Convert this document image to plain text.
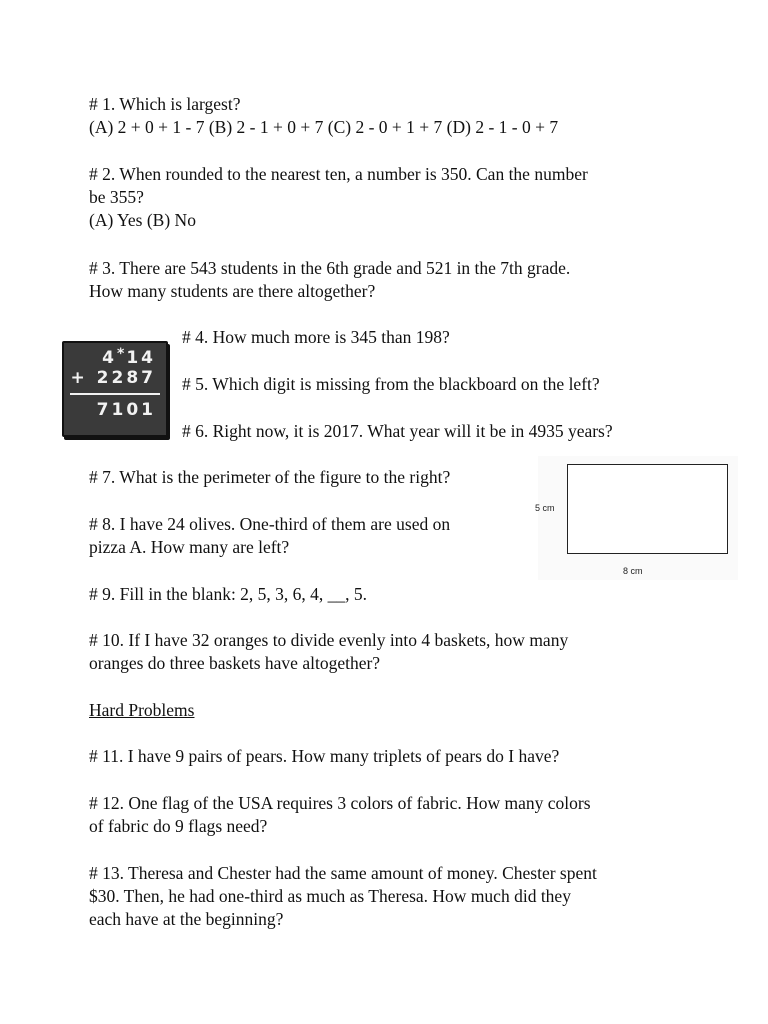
# 1. Which is largest?
(A) 2 + 0 + 1 - 7 (B) 2 - 1 + 0 + 7 (C) 2 - 0 + 1 + 7 (D) 2 - 1 - 0 + 7
# 2. When rounded to the nearest ten, a number is 350. Can the number
be 355?
(A) Yes (B) No
# 3. There are 543 students in the 6th grade and 521 in the 7th grade.
How many students are there altogether?
4*14
+ 2287
7101
# 4. How much more is 345 than 198?
# 5. Which digit is missing from the blackboard on the left?
# 6. Right now, it is 2017. What year will it be in 4935 years?
# 7. What is the perimeter of the figure to the right?
5 cm
8 cm
# 8. I have 24 olives. One-third of them are used on
pizza A. How many are left?
# 9. Fill in the blank: 2, 5, 3, 6, 4, __, 5.
# 10. If I have 32 oranges to divide evenly into 4 baskets, how many
oranges do three baskets have altogether?
Hard Problems
# 11. I have 9 pairs of pears. How many triplets of pears do I have?
# 12. One flag of the USA requires 3 colors of fabric. How many colors
of fabric do 9 flags need?
# 13. Theresa and Chester had the same amount of money. Chester spent
$30. Then, he had one-third as much as Theresa. How much did they
each have at the beginning?
